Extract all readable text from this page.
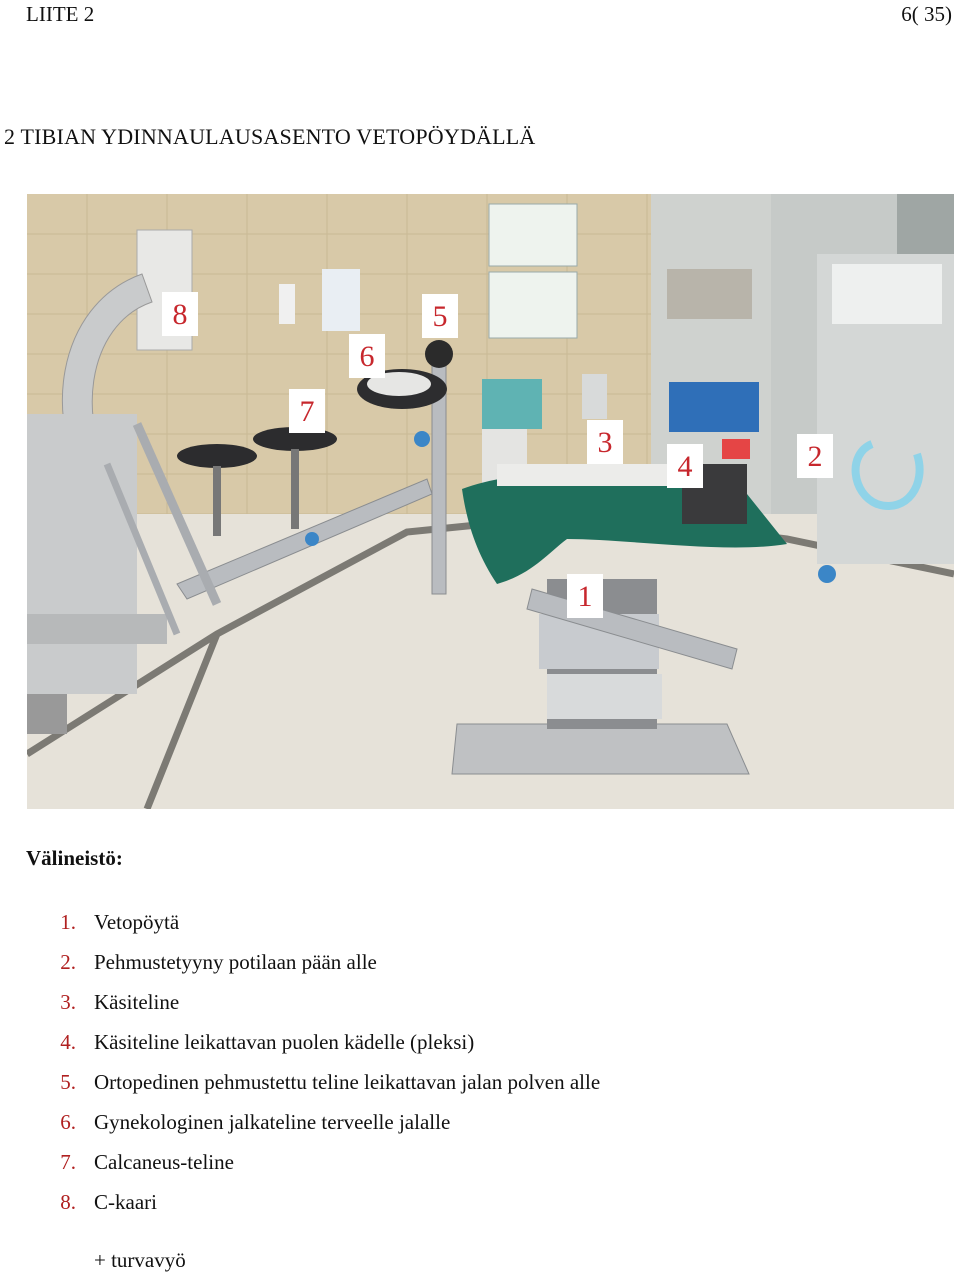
LIITE 2	6( 35)
2 TIBIAN YDINNAULAUSASENTO VETOPÖYDÄLLÄ
1
2
3
4
5
6
7
8
Välineistö:
1. Vetopöytä
2. Pehmustetyyny potilaan pään alle
3. Käsiteline
4. Käsiteline leikattavan puolen kädelle (pleksi)
5. Ortopedinen pehmustettu teline leikattavan jalan polven alle
6. Gynekologinen jalkateline terveelle jalalle
7. Calcaneus-teline
8. C-kaari
+ turvavyö
